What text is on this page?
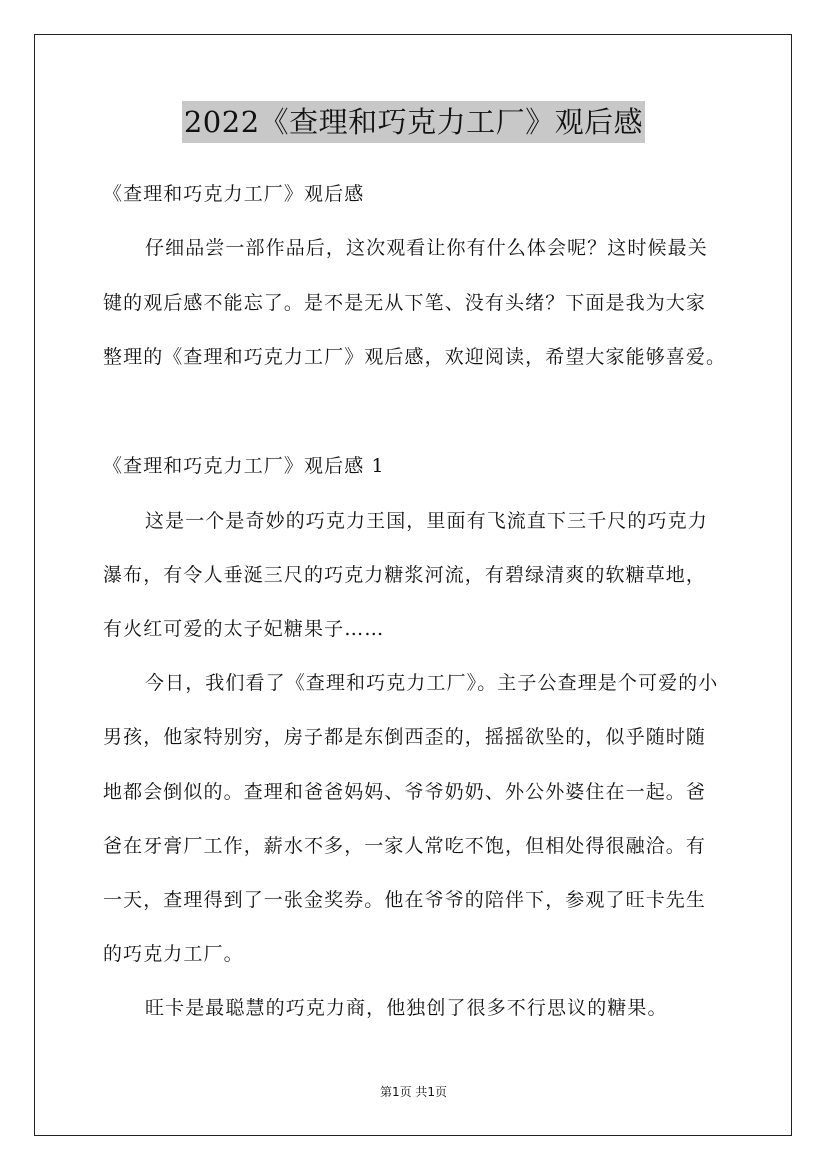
2022《查理和巧克力工厂》观后感
《查理和巧克力工厂》观后感
仔细品尝一部作品后，这次观看让你有什么体会呢？这时候最关
键的观后感不能忘了。是不是无从下笔、没有头绪？下面是我为大家
整理的《查理和巧克力工厂》观后感，欢迎阅读，希望大家能够喜爱。
《查理和巧克力工厂》观后感 1
这是一个是奇妙的巧克力王国，里面有飞流直下三千尺的巧克力
瀑布，有令人垂涎三尺的巧克力糖浆河流，有碧绿清爽的软糖草地，
有火红可爱的太子妃糖果子……
今日，我们看了《查理和巧克力工厂》。主子公查理是个可爱的小
男孩，他家特别穷，房子都是东倒西歪的，摇摇欲坠的，似乎随时随
地都会倒似的。查理和爸爸妈妈、爷爷奶奶、外公外婆住在一起。爸
爸在牙膏厂工作，薪水不多，一家人常吃不饱，但相处得很融洽。有
一天，查理得到了一张金奖券。他在爷爷的陪伴下，参观了旺卡先生
的巧克力工厂。
旺卡是最聪慧的巧克力商，他独创了很多不行思议的糖果。
第1页 共1页
